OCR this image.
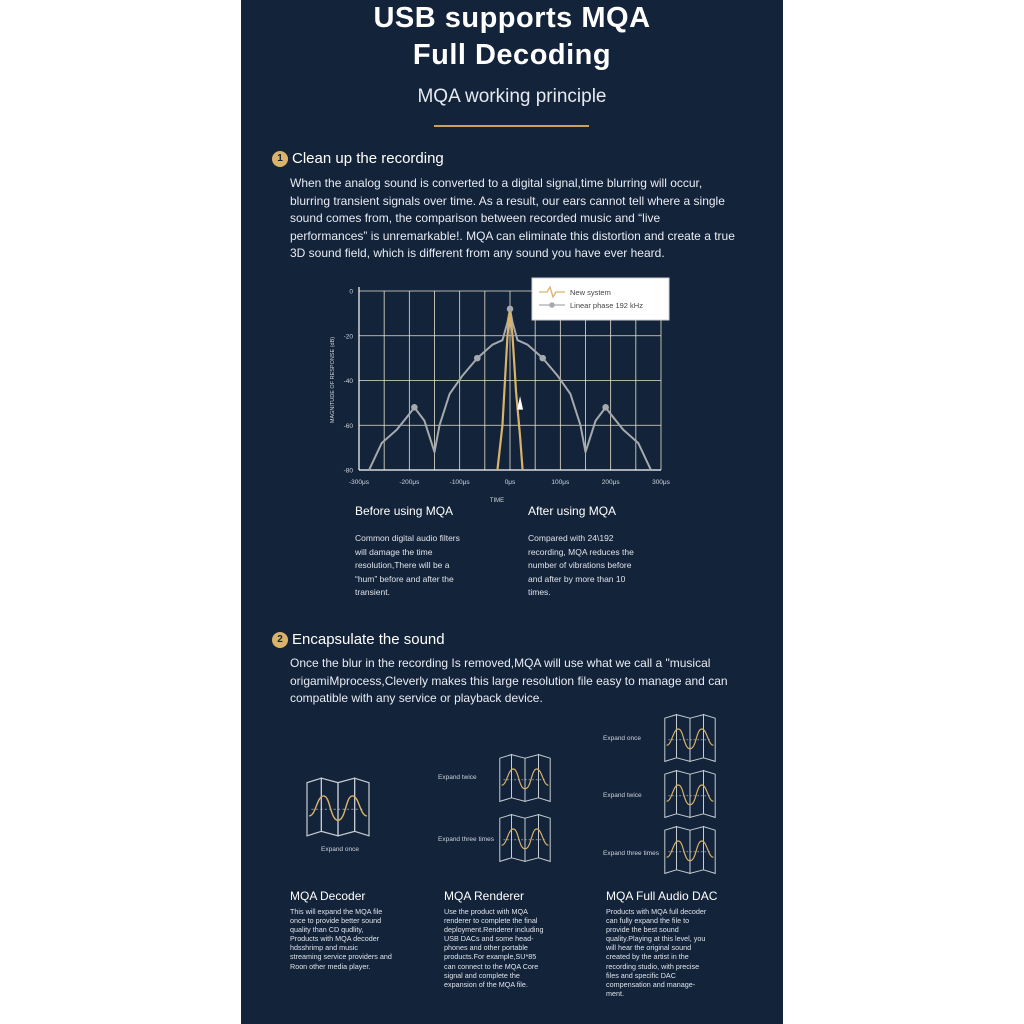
USB supports MQA
Full Decoding
MQA working principle
1 Clean up the recording
When the analog sound is converted to a digital signal,time blurring will occur, blurring transient signals over time. As a result, our ears cannot tell where a single sound comes from, the comparison between recorded music and “live performances” is unremarkable!. MQA can eliminate this distortion and create a true 3D sound field, which is different from any sound you have ever heard.
-300μs	-200μs	-100μs	0μs	100μs	200μs	300μs
0
-20
-40
-60
-80
TIME
MAGNITUDE OF RESPONSE (dB)
New system
Linear phase 192 kHz
Before using MQA
Common digital audio filters
will damage the time
resolution,There will be a
“hum” before and after the
transient.
After using MQA
Compared with 24\192
recording, MQA reduces the
number of vibrations before
and after by more than 10
times.
2 Encapsulate the sound
Once the blur in the recording Is removed,MQA will use what we call a "musical origamiMprocess,Cleverly makes this large resolution file easy to manage and can compatible with any service or playback device.
Expand once
Expand twice
Expand three times
Expand once
Expand twice
Expand three times
MQA Decoder
This will expand the MQA file
once to provide better sound
quality than CD qudlity,
Products with MQA decoder
hdsshrimp and music
streaming service providers and
Roon other media player.
MQA Renderer
Use the product with MQA
renderer to complete the final
deployment.Renderer including
USB DACs and some head-
phones and other portable
products.For example,SU*85
can connect to the MQA Core
signal and complete the
expansion of the MQA file.
MQA Full Audio DAC
Products with MQA full decoder
can fully expand the file to
provide the best sound
quality.Playing at this level, you
will hear the original sound
created by the artist in the
recording studio, with precise
files and specific DAC
compensation and manage-
ment.
